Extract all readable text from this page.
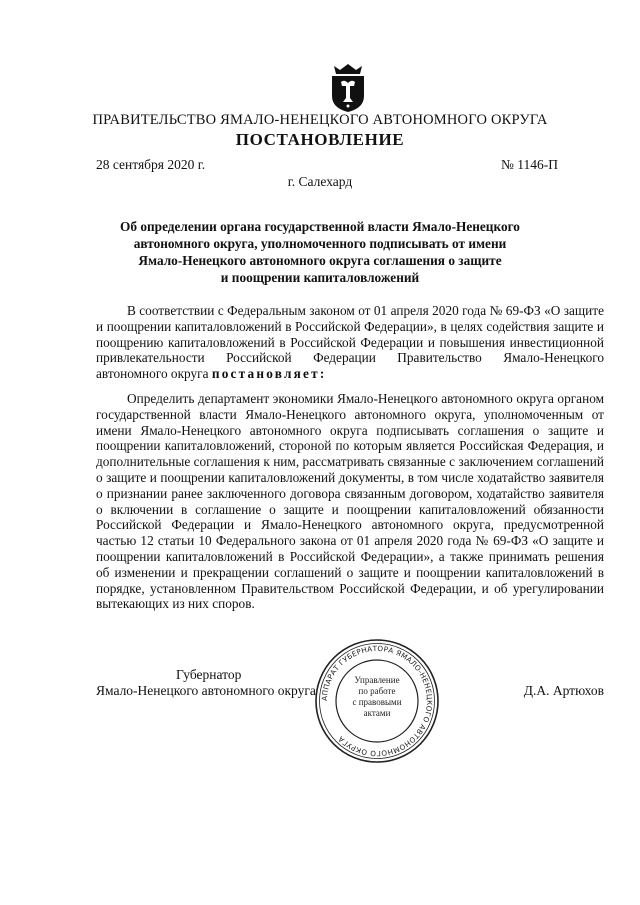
ПРАВИТЕЛЬСТВО ЯМАЛО-НЕНЕЦКОГО АВТОНОМНОГО ОКРУГА
ПОСТАНОВЛЕНИЕ
28 сентября 2020 г.	№ 1146-П
г. Салехард
Об определении органа государственной власти Ямало-Ненецкого
автономного округа, уполномоченного подписывать от имени
Ямало-Ненецкого автономного округа соглашения о защите
и поощрении капиталовложений

В соответствии с Федеральным законом от 01 апреля 2020 года № 69-ФЗ «О защите и поощрении капиталовложений в Российской Федерации», в целях содействия защите и поощрению капиталовложений в Российской Федерации и повышения инвестиционной привлекательности Российской Федерации Правительство Ямало-Ненецкого автономного округа постановляет:

Определить департамент экономики Ямало-Ненецкого автономного округа органом государственной власти Ямало-Ненецкого автономного округа, уполномоченным от имени Ямало-Ненецкого автономного округа подписывать соглашения о защите и поощрении капиталовложений, стороной по которым является Российская Федерация, и дополнительные соглашения к ним, рассматривать связанные с заключением соглашений о защите и поощрении капиталовложений документы, в том числе ходатайство заявителя о признании ранее заключенного договора связанным договором, ходатайство заявителя о включении в соглашение о защите и поощрении капиталовложений обязанности Российской Федерации и Ямало-Ненецкого автономного округа, предусмотренной частью 12 статьи 10 Федерального закона от 01 апреля 2020 года № 69-ФЗ «О защите и поощрении капиталовложений в Российской Федерации», а также принимать решения об изменении и прекращении соглашений о защите и поощрении капиталовложений в порядке, установленном Правительством Российской Федерации, и об урегулировании вытекающих из них споров.

Губернатор
Ямало-Ненецкого автономного округа	Д.А. Артюхов
АППАРАТ ГУБЕРНАТОРА ЯМАЛО-НЕНЕЦКОГО АВТОНОМНОГО ОКРУГА
Управление
по работе
с правовыми
актами
